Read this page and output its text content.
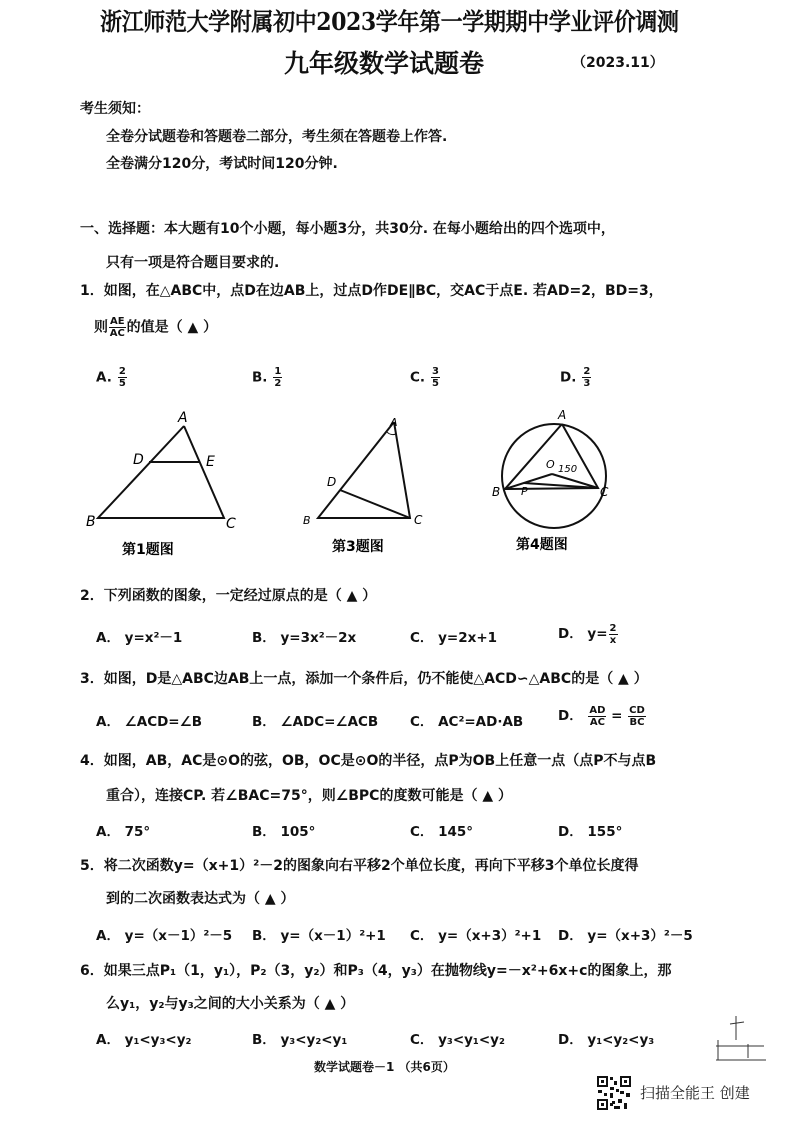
浙江师范大学附属初中2023学年第一学期期中学业评价调测
九年级数学试题卷	（2023.11）
考生须知：
全卷分试题卷和答题卷二部分，考生须在答题卷上作答.
全卷满分120分，考试时间120分钟.
一、选择题：本大题有10个小题，每小题3分，共30分. 在每小题给出的四个选项中，
只有一项是符合题目要求的.
1．如图，在△ABC中，点D在边AB上，过点D作DE∥BC，交AC于点E. 若AD=2，BD=3，
则 $\frac{AE}{AC}$ 的值是（ ▲ ）
A. $\frac{2}{5}$	B. $\frac{1}{2}$	C. $\frac{3}{5}$	D. $\frac{2}{3}$
A
D	E
B	C
第1题图
A
D
B	C
第3题图
A
O 150
P
B	C
第4题图
2．下列函数的图象，一定经过原点的是（ ▲ ）
A． y=x²－1	B． y=3x²－2x	C． y=2x+1	D． $y= \frac{2}{x}$
3．如图，D是△ABC边AB上一点，添加一个条件后，仍不能使△ACD∽△ABC的是（ ▲ ）
A． ∠ACD=∠B	B． ∠ADC=∠ACB C． AC²=AD·AB	D． $\frac{AD}{AC} = \frac{CD}{BC}$
4．如图，AB，AC是⊙O的弦，OB，OC是⊙O的半径，点P为OB上任意一点（点P不与点B
重合），连接CP. 若∠BAC=75°，则∠BPC的度数可能是（ ▲ ）
A． 75°	B． 105°	C． 145°	D． 155°
5．将二次函数y=（x+1）²－2的图象向右平移2个单位长度，再向下平移3个单位长度得
到的二次函数表达式为（ ▲ ）
A． y=（x－1）²－5 B． y=（x－1）²+1 C． y=（x+3）²+1 D． y=（x+3）²－5
6．如果三点P₁（1，y₁），P₂（3，y₂）和P₃（4，y₃）在抛物线y=－x²+6x+c的图象上，那
么y₁，y₂与y₃之间的大小关系为（ ▲ ）
A． y₁<y₃<y₂	B． y₃<y₂<y₁	C． y₃<y₁<y₂	D． y₁<y₂<y₃
数学试题卷－1 （共6页）
扫描全能王 创建
